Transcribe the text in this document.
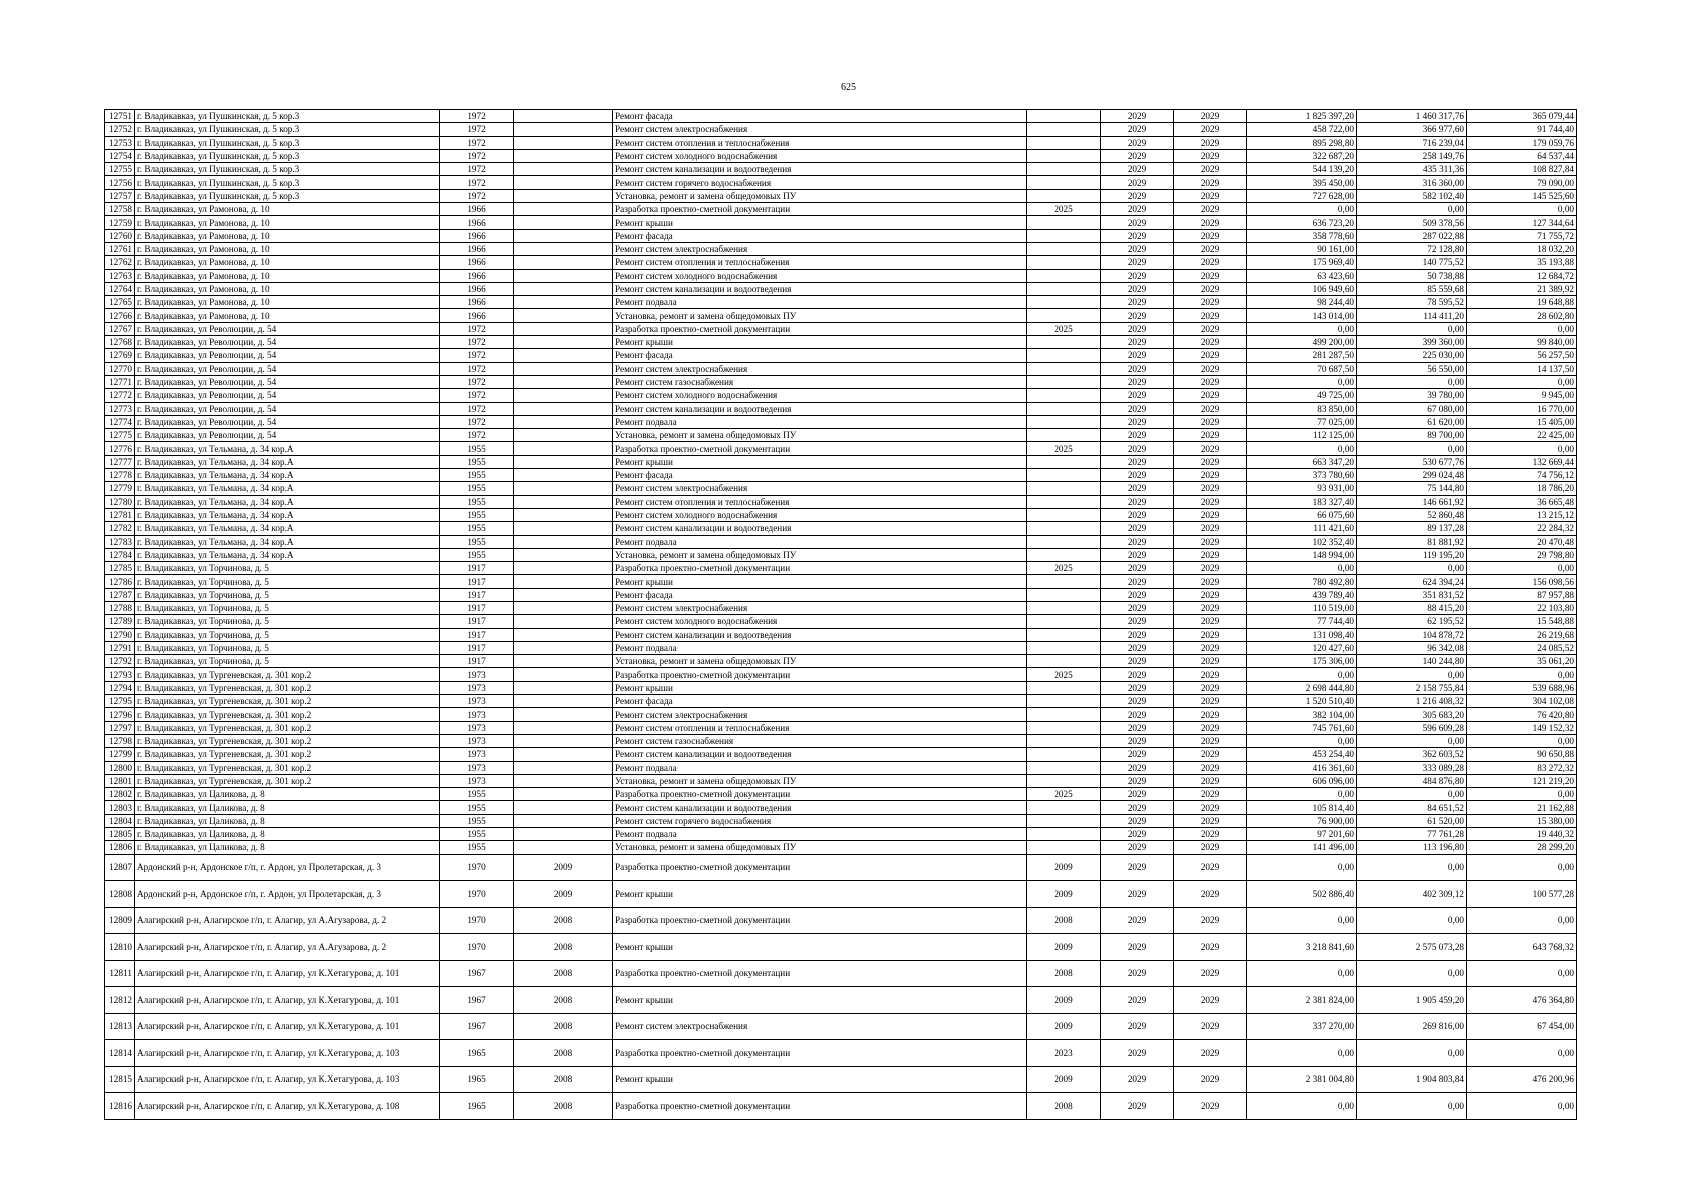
625
12751	г. Владикавказ, ул Пушкинская, д. 5 кор.3	1972		Ремонт фасада		2029	2029	1 825 397,20	1 460 317,76	365 079,44
12752	г. Владикавказ, ул Пушкинская, д. 5 кор.3	1972		Ремонт систем электроснабжения		2029	2029	458 722,00	366 977,60	91 744,40
12753	г. Владикавказ, ул Пушкинская, д. 5 кор.3	1972		Ремонт систем отопления и теплоснабжения		2029	2029	895 298,80	716 239,04	179 059,76
12754	г. Владикавказ, ул Пушкинская, д. 5 кор.3	1972		Ремонт систем холодного водоснабжения		2029	2029	322 687,20	258 149,76	64 537,44
12755	г. Владикавказ, ул Пушкинская, д. 5 кор.3	1972		Ремонт систем канализации и водоотведения		2029	2029	544 139,20	435 311,36	108 827,84
12756	г. Владикавказ, ул Пушкинская, д. 5 кор.3	1972		Ремонт систем горячего водоснабжения		2029	2029	395 450,00	316 360,00	79 090,00
12757	г. Владикавказ, ул Пушкинская, д. 5 кор.3	1972		Установка, ремонт и замена общедомовых ПУ		2029	2029	727 628,00	582 102,40	145 525,60
12758	г. Владикавказ, ул Рамонова, д. 10	1966		Разработка проектно-сметной документации	2025	2029	2029	0,00	0,00	0,00
12759	г. Владикавказ, ул Рамонова, д. 10	1966		Ремонт крыши		2029	2029	636 723,20	509 378,56	127 344,64
12760	г. Владикавказ, ул Рамонова, д. 10	1966		Ремонт фасада		2029	2029	358 778,60	287 022,88	71 755,72
12761	г. Владикавказ, ул Рамонова, д. 10	1966		Ремонт систем электроснабжения		2029	2029	90 161,00	72 128,80	18 032,20
12762	г. Владикавказ, ул Рамонова, д. 10	1966		Ремонт систем отопления и теплоснабжения		2029	2029	175 969,40	140 775,52	35 193,88
12763	г. Владикавказ, ул Рамонова, д. 10	1966		Ремонт систем холодного водоснабжения		2029	2029	63 423,60	50 738,88	12 684,72
12764	г. Владикавказ, ул Рамонова, д. 10	1966		Ремонт систем канализации и водоотведения		2029	2029	106 949,60	85 559,68	21 389,92
12765	г. Владикавказ, ул Рамонова, д. 10	1966		Ремонт подвала		2029	2029	98 244,40	78 595,52	19 648,88
12766	г. Владикавказ, ул Рамонова, д. 10	1966		Установка, ремонт и замена общедомовых ПУ		2029	2029	143 014,00	114 411,20	28 602,80
12767	г. Владикавказ, ул Революции, д. 54	1972		Разработка проектно-сметной документации	2025	2029	2029	0,00	0,00	0,00
12768	г. Владикавказ, ул Революции, д. 54	1972		Ремонт крыши		2029	2029	499 200,00	399 360,00	99 840,00
12769	г. Владикавказ, ул Революции, д. 54	1972		Ремонт фасада		2029	2029	281 287,50	225 030,00	56 257,50
12770	г. Владикавказ, ул Революции, д. 54	1972		Ремонт систем электроснабжения		2029	2029	70 687,50	56 550,00	14 137,50
12771	г. Владикавказ, ул Революции, д. 54	1972		Ремонт систем газоснабжения		2029	2029	0,00	0,00	0,00
12772	г. Владикавказ, ул Революции, д. 54	1972		Ремонт систем холодного водоснабжения		2029	2029	49 725,00	39 780,00	9 945,00
12773	г. Владикавказ, ул Революции, д. 54	1972		Ремонт систем канализации и водоотведения		2029	2029	83 850,00	67 080,00	16 770,00
12774	г. Владикавказ, ул Революции, д. 54	1972		Ремонт подвала		2029	2029	77 025,00	61 620,00	15 405,00
12775	г. Владикавказ, ул Революции, д. 54	1972		Установка, ремонт и замена общедомовых ПУ		2029	2029	112 125,00	89 700,00	22 425,00
12776	г. Владикавказ, ул Тельмана, д. 34 кор.А	1955		Разработка проектно-сметной документации	2025	2029	2029	0,00	0,00	0,00
12777	г. Владикавказ, ул Тельмана, д. 34 кор.А	1955		Ремонт крыши		2029	2029	663 347,20	530 677,76	132 669,44
12778	г. Владикавказ, ул Тельмана, д. 34 кор.А	1955		Ремонт фасада		2029	2029	373 780,60	299 024,48	74 756,12
12779	г. Владикавказ, ул Тельмана, д. 34 кор.А	1955		Ремонт систем электроснабжения		2029	2029	93 931,00	75 144,80	18 786,20
12780	г. Владикавказ, ул Тельмана, д. 34 кор.А	1955		Ремонт систем отопления и теплоснабжения		2029	2029	183 327,40	146 661,92	36 665,48
12781	г. Владикавказ, ул Тельмана, д. 34 кор.А	1955		Ремонт систем холодного водоснабжения		2029	2029	66 075,60	52 860,48	13 215,12
12782	г. Владикавказ, ул Тельмана, д. 34 кор.А	1955		Ремонт систем канализации и водоотведения		2029	2029	111 421,60	89 137,28	22 284,32
12783	г. Владикавказ, ул Тельмана, д. 34 кор.А	1955		Ремонт подвала		2029	2029	102 352,40	81 881,92	20 470,48
12784	г. Владикавказ, ул Тельмана, д. 34 кор.А	1955		Установка, ремонт и замена общедомовых ПУ		2029	2029	148 994,00	119 195,20	29 798,80
12785	г. Владикавказ, ул Торчинова, д. 5	1917		Разработка проектно-сметной документации	2025	2029	2029	0,00	0,00	0,00
12786	г. Владикавказ, ул Торчинова, д. 5	1917		Ремонт крыши		2029	2029	780 492,80	624 394,24	156 098,56
12787	г. Владикавказ, ул Торчинова, д. 5	1917		Ремонт фасада		2029	2029	439 789,40	351 831,52	87 957,88
12788	г. Владикавказ, ул Торчинова, д. 5	1917		Ремонт систем электроснабжения		2029	2029	110 519,00	88 415,20	22 103,80
12789	г. Владикавказ, ул Торчинова, д. 5	1917		Ремонт систем холодного водоснабжения		2029	2029	77 744,40	62 195,52	15 548,88
12790	г. Владикавказ, ул Торчинова, д. 5	1917		Ремонт систем канализации и водоотведения		2029	2029	131 098,40	104 878,72	26 219,68
12791	г. Владикавказ, ул Торчинова, д. 5	1917		Ремонт подвала		2029	2029	120 427,60	96 342,08	24 085,52
12792	г. Владикавказ, ул Торчинова, д. 5	1917		Установка, ремонт и замена общедомовых ПУ		2029	2029	175 306,00	140 244,80	35 061,20
12793	г. Владикавказ, ул Тургеневская, д. 301 кор.2	1973		Разработка проектно-сметной документации	2025	2029	2029	0,00	0,00	0,00
12794	г. Владикавказ, ул Тургеневская, д. 301 кор.2	1973		Ремонт крыши		2029	2029	2 698 444,80	2 158 755,84	539 688,96
12795	г. Владикавказ, ул Тургеневская, д. 301 кор.2	1973		Ремонт фасада		2029	2029	1 520 510,40	1 216 408,32	304 102,08
12796	г. Владикавказ, ул Тургеневская, д. 301 кор.2	1973		Ремонт систем электроснабжения		2029	2029	382 104,00	305 683,20	76 420,80
12797	г. Владикавказ, ул Тургеневская, д. 301 кор.2	1973		Ремонт систем отопления и теплоснабжения		2029	2029	745 761,60	596 609,28	149 152,32
12798	г. Владикавказ, ул Тургеневская, д. 301 кор.2	1973		Ремонт систем газоснабжения		2029	2029	0,00	0,00	0,00
12799	г. Владикавказ, ул Тургеневская, д. 301 кор.2	1973		Ремонт систем канализации и водоотведения		2029	2029	453 254,40	362 603,52	90 650,88
12800	г. Владикавказ, ул Тургеневская, д. 301 кор.2	1973		Ремонт подвала		2029	2029	416 361,60	333 089,28	83 272,32
12801	г. Владикавказ, ул Тургеневская, д. 301 кор.2	1973		Установка, ремонт и замена общедомовых ПУ		2029	2029	606 096,00	484 876,80	121 219,20
12802	г. Владикавказ, ул Цаликова, д. 8	1955		Разработка проектно-сметной документации	2025	2029	2029	0,00	0,00	0,00
12803	г. Владикавказ, ул Цаликова, д. 8	1955		Ремонт систем канализации и водоотведения		2029	2029	105 814,40	84 651,52	21 162,88
12804	г. Владикавказ, ул Цаликова, д. 8	1955		Ремонт систем горячего водоснабжения		2029	2029	76 900,00	61 520,00	15 380,00
12805	г. Владикавказ, ул Цаликова, д. 8	1955		Ремонт подвала		2029	2029	97 201,60	77 761,28	19 440,32
12806	г. Владикавказ, ул Цаликова, д. 8	1955		Установка, ремонт и замена общедомовых ПУ		2029	2029	141 496,00	113 196,80	28 299,20
12807	Ардонский р-н, Ардонское г/п, г. Ардон, ул Пролетарская, д. 3	1970	2009	Разработка проектно-сметной документации	2009	2029	2029	0,00	0,00	0,00
12808	Ардонский р-н, Ардонское г/п, г. Ардон, ул Пролетарская, д. 3	1970	2009	Ремонт крыши	2009	2029	2029	502 886,40	402 309,12	100 577,28
12809	Алагирский р-н, Алагирское г/п, г. Алагир, ул А.Агузарова, д. 2	1970	2008	Разработка проектно-сметной документации	2008	2029	2029	0,00	0,00	0,00
12810	Алагирский р-н, Алагирское г/п, г. Алагир, ул А.Агузарова, д. 2	1970	2008	Ремонт крыши	2009	2029	2029	3 218 841,60	2 575 073,28	643 768,32
12811	Алагирский р-н, Алагирское г/п, г. Алагир, ул К.Хетагурова, д. 101	1967	2008	Разработка проектно-сметной документации	2008	2029	2029	0,00	0,00	0,00
12812	Алагирский р-н, Алагирское г/п, г. Алагир, ул К.Хетагурова, д. 101	1967	2008	Ремонт крыши	2009	2029	2029	2 381 824,00	1 905 459,20	476 364,80
12813	Алагирский р-н, Алагирское г/п, г. Алагир, ул К.Хетагурова, д. 101	1967	2008	Ремонт систем электроснабжения	2009	2029	2029	337 270,00	269 816,00	67 454,00
12814	Алагирский р-н, Алагирское г/п, г. Алагир, ул К.Хетагурова, д. 103	1965	2008	Разработка проектно-сметной документации	2023	2029	2029	0,00	0,00	0,00
12815	Алагирский р-н, Алагирское г/п, г. Алагир, ул К.Хетагурова, д. 103	1965	2008	Ремонт крыши	2009	2029	2029	2 381 004,80	1 904 803,84	476 200,96
12816	Алагирский р-н, Алагирское г/п, г. Алагир, ул К.Хетагурова, д. 108	1965	2008	Разработка проектно-сметной документации	2008	2029	2029	0,00	0,00	0,00
